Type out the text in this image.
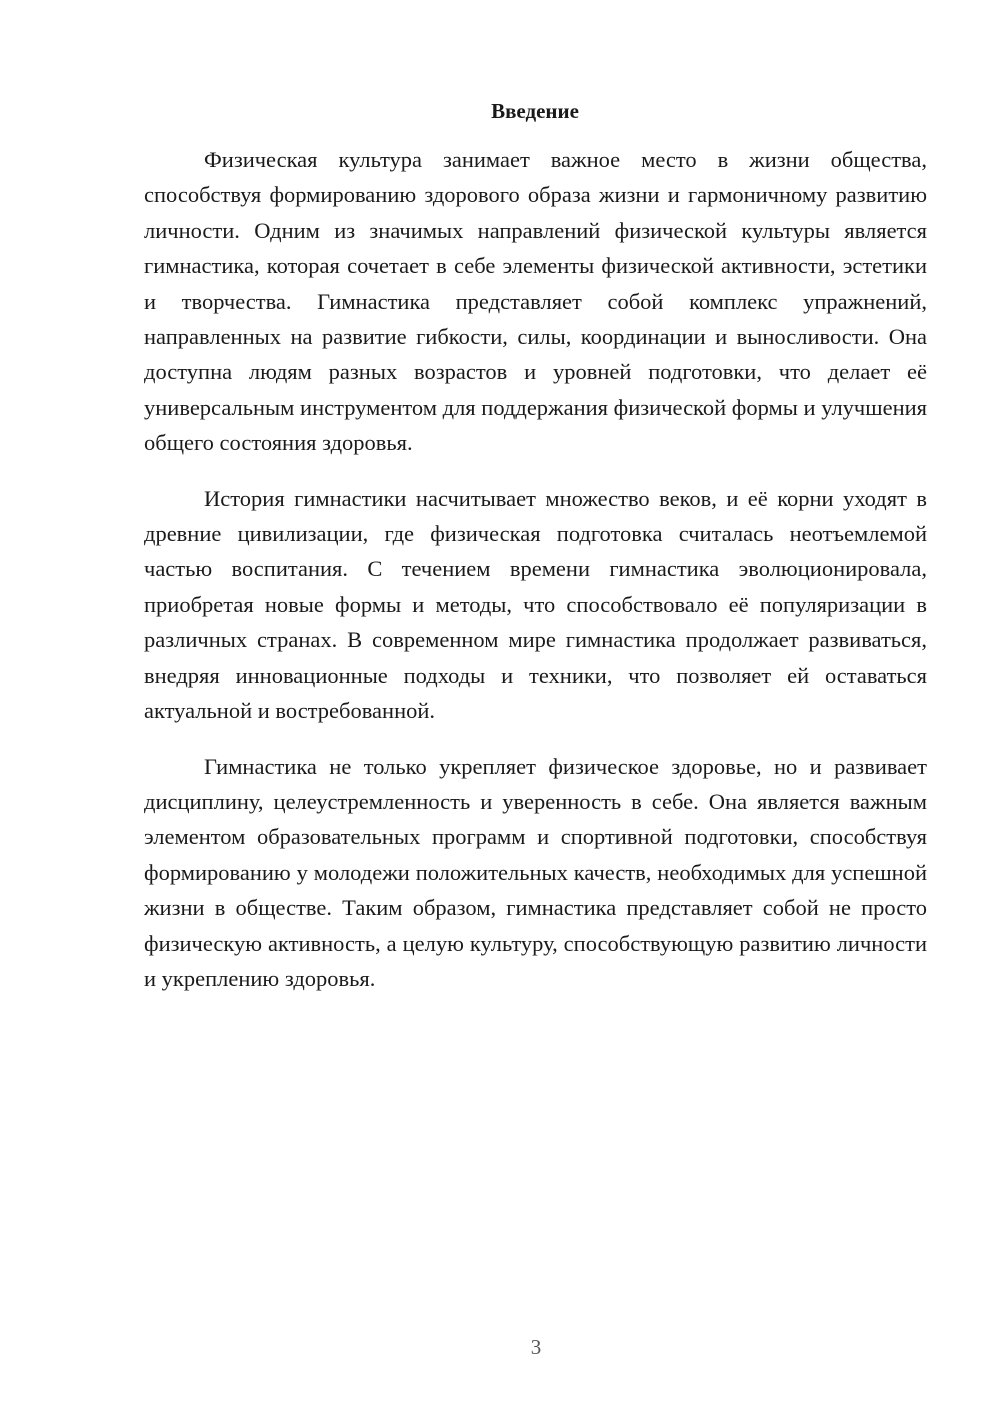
Введение

Физическая культура занимает важное место в жизни общества, способствуя формированию здорового образа жизни и гармоничному развитию личности. Одним из значимых направлений физической культуры является гимнастика, которая сочетает в себе элементы физической активности, эстетики и творчества. Гимнастика представляет собой комплекс упражнений, направленных на развитие гибкости, силы, координации и выносливости. Она доступна людям разных возрастов и уровней подготовки, что делает её универсальным инструментом для поддержания физической формы и улучшения общего состояния здоровья.

История гимнастики насчитывает множество веков, и её корни уходят в древние цивилизации, где физическая подготовка считалась неотъемлемой частью воспитания. С течением времени гимнастика эволюционировала, приобретая новые формы и методы, что способствовало её популяризации в различных странах. В современном мире гимнастика продолжает развиваться, внедряя инновационные подходы и техники, что позволяет ей оставаться актуальной и востребованной.

Гимнастика не только укрепляет физическое здоровье, но и развивает дисциплину, целеустремленность и уверенность в себе. Она является важным элементом образовательных программ и спортивной подготовки, способствуя формированию у молодежи положительных качеств, необходимых для успешной жизни в обществе. Таким образом, гимнастика представляет собой не просто физическую активность, а целую культуру, способствующую развитию личности и укреплению здоровья.

3
